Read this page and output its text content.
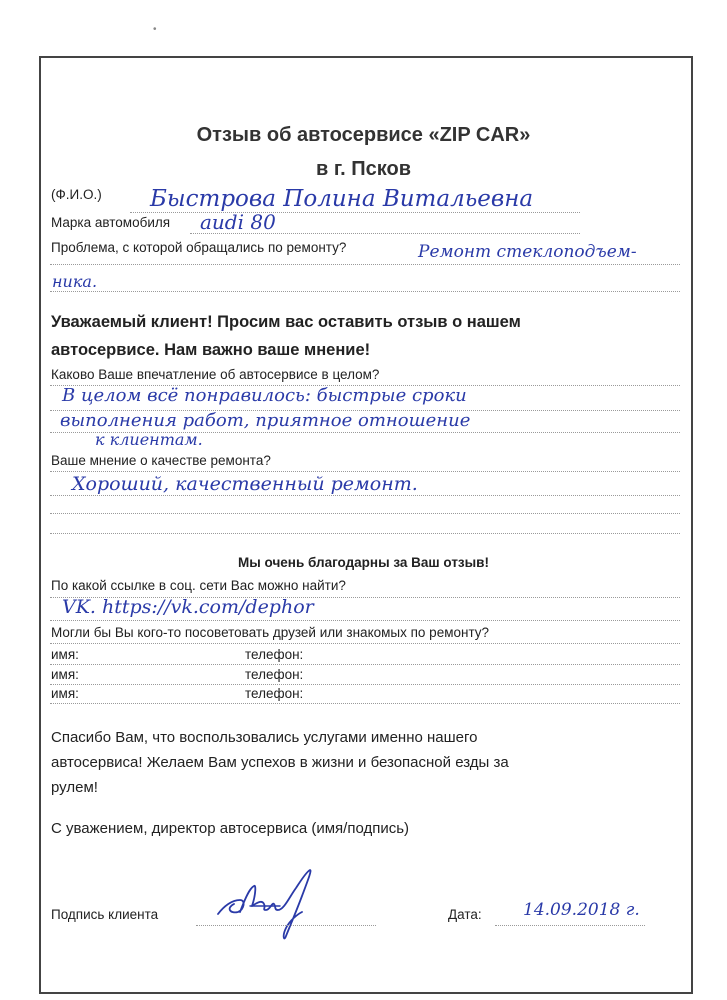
•
Отзыв об автосервисе «ZIP CAR»
в г. Псков
(Ф.И.О.) Быстрова Полина Витальевна
Марка автомобиля audi 80
Проблема, с которой обращались по ремонту?	Ремонт стеклоподъем-
ника.
Уважаемый клиент! Просим вас оставить отзыв о нашем
автосервисе. Нам важно ваше мнение!
Каково Ваше впечатление об автосервисе в целом?
В целом всё понравилось: быстрые сроки
выполнения работ, приятное отношение
к клиентам.
Ваше мнение о качестве ремонта?
Хороший, качественный ремонт.
Мы очень благодарны за Ваш отзыв!
По какой ссылке в соц. сети Вас можно найти?
VK. https://vk.com/dephor
Могли бы Вы кого-то посоветовать друзей или знакомых по ремонту?
имя:	телефон:
имя:	телефон:
имя:	телефон:
Спасибо Вам, что воспользовались услугами именно нашего
автосервиса! Желаем Вам успехов в жизни и безопасной езды за
рулем!
С уважением, директор автосервиса (имя/подпись)
Подпись клиента	Дата: 14.09.2018 г.
